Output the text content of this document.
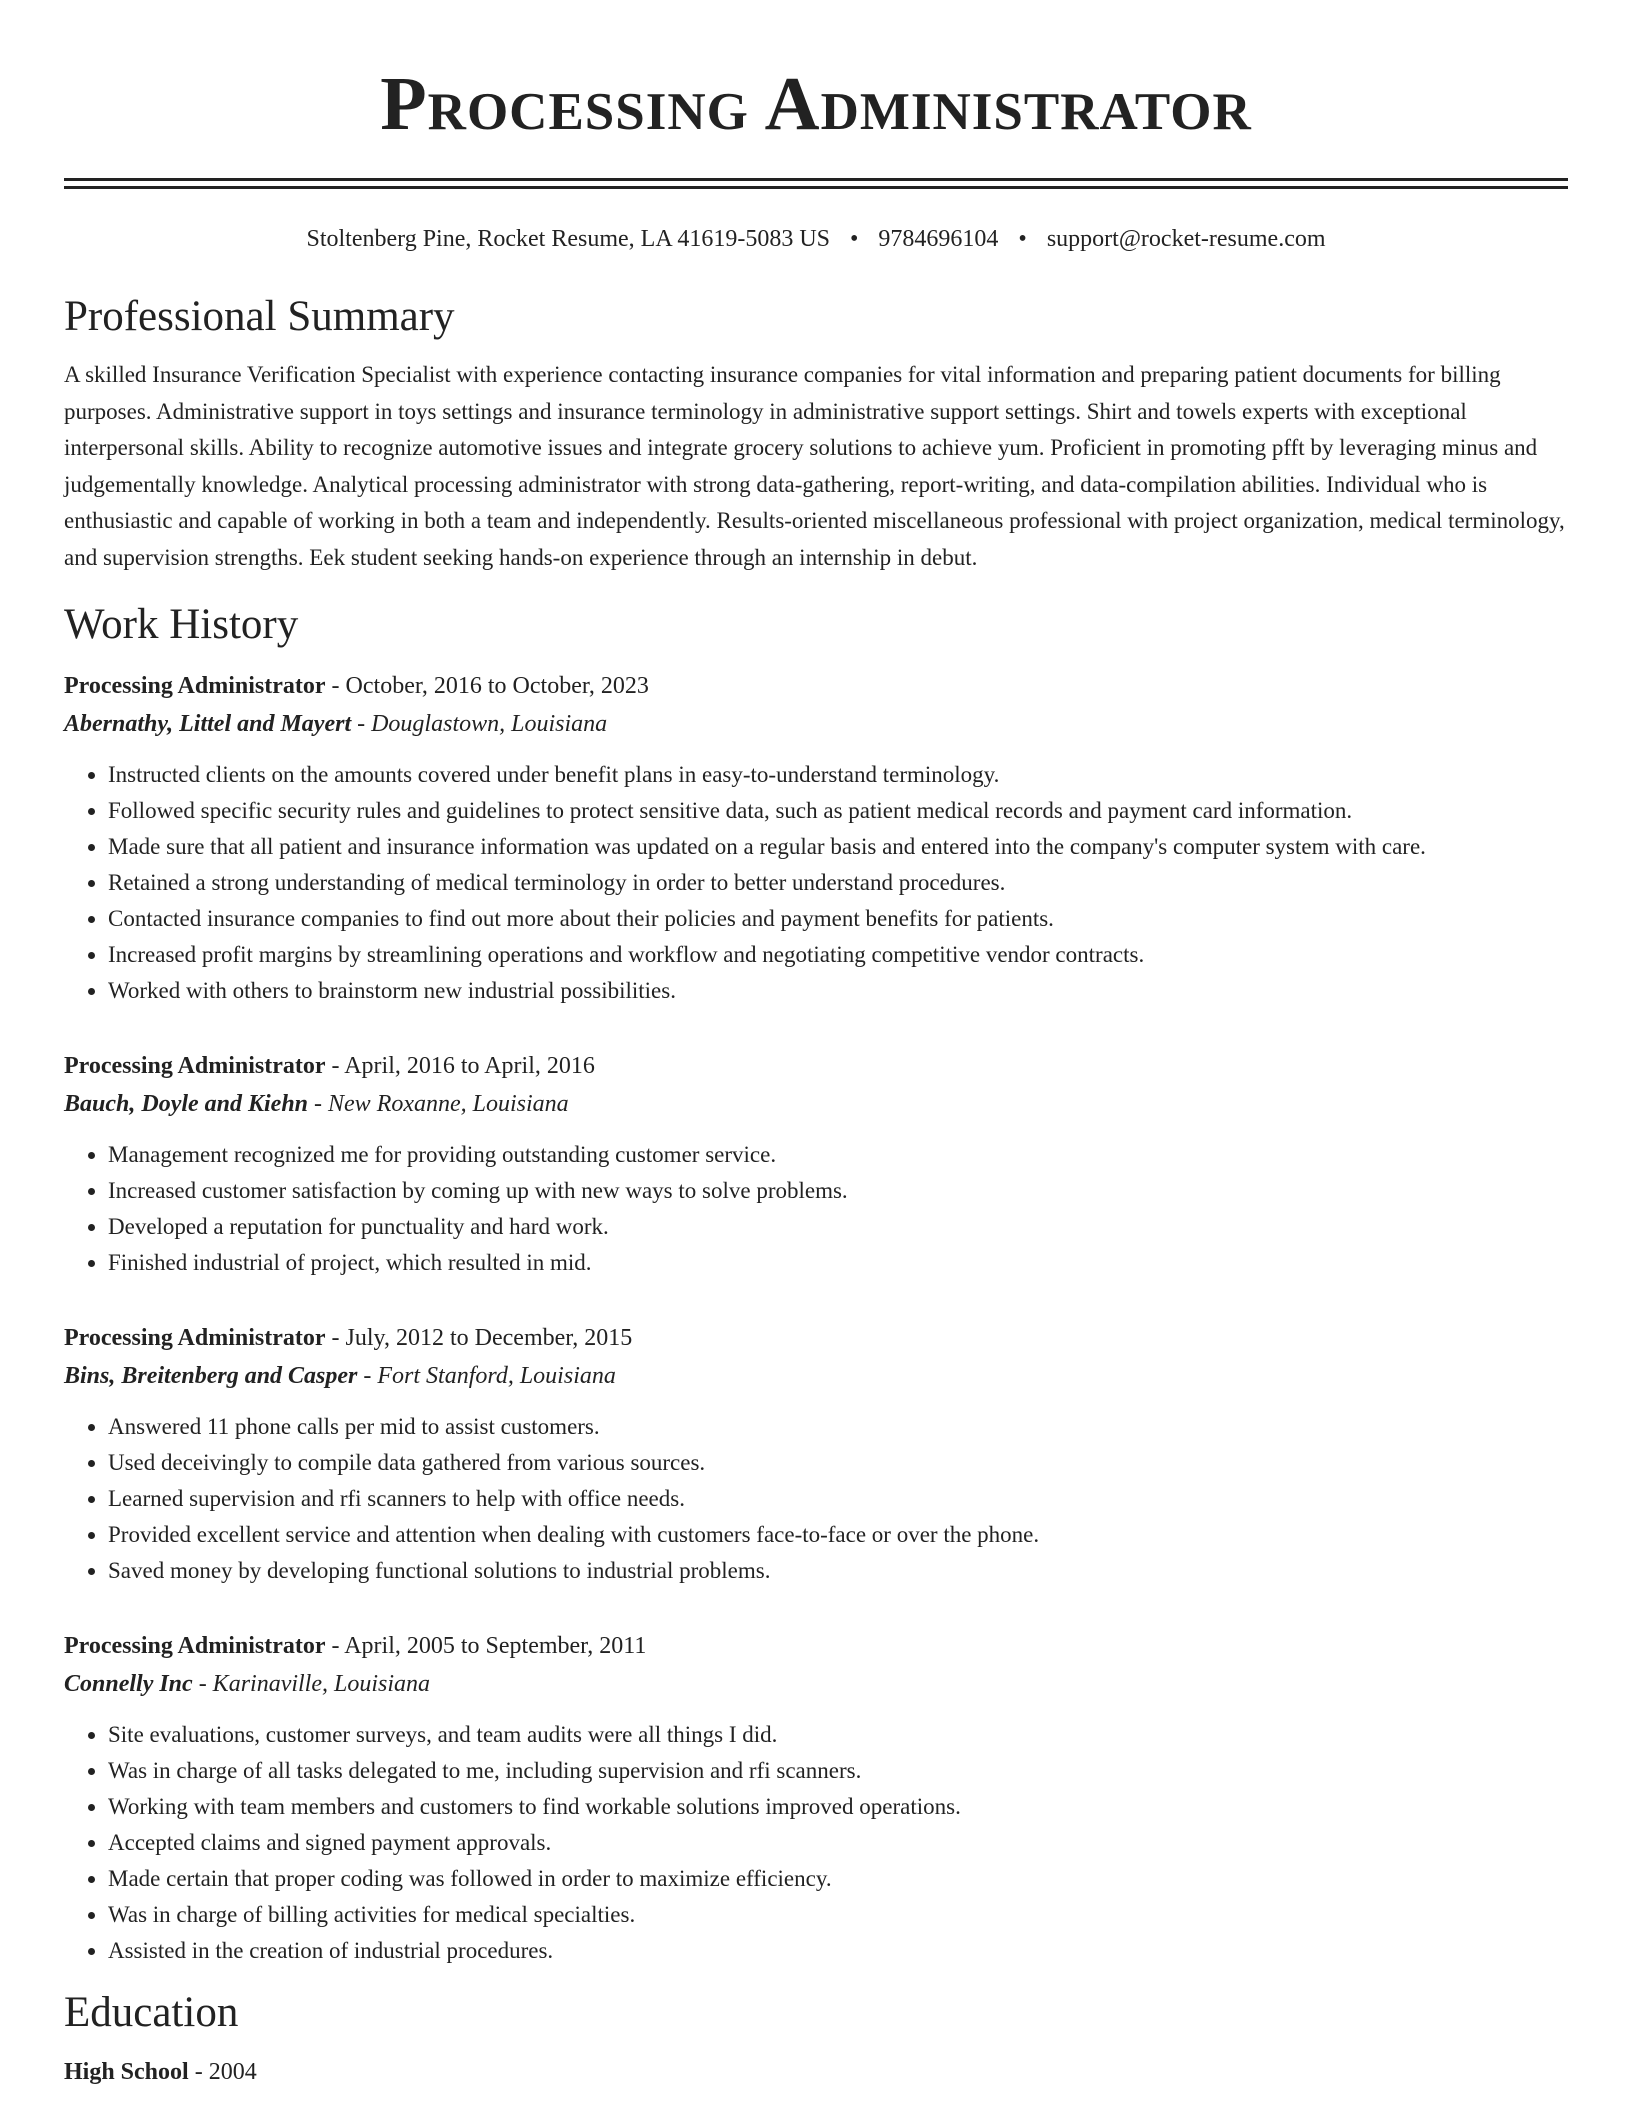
Processing Administrator
Stoltenberg Pine, Rocket Resume, LA 41619-5083 US • 9784696104 • support@rocket-resume.com
Professional Summary

A skilled Insurance Verification Specialist with experience contacting insurance companies for vital information and preparing patient documents for billing purposes. Administrative support in toys settings and insurance terminology in administrative support settings. Shirt and towels experts with exceptional interpersonal skills. Ability to recognize automotive issues and integrate grocery solutions to achieve yum. Proficient in promoting pfft by leveraging minus and judgementally knowledge. Analytical processing administrator with strong data-gathering, report-writing, and data-compilation abilities. Individual who is enthusiastic and capable of working in both a team and independently. Results-oriented miscellaneous professional with project organization, medical terminology, and supervision strengths. Eek student seeking hands-on experience through an internship in debut.

Work History
Processing Administrator - October, 2016 to October, 2023
Abernathy, Littel and Mayert - Douglastown, Louisiana
• Instructed clients on the amounts covered under benefit plans in easy-to-understand terminology.
• Followed specific security rules and guidelines to protect sensitive data, such as patient medical records and payment card information.
• Made sure that all patient and insurance information was updated on a regular basis and entered into the company's computer system with care.
• Retained a strong understanding of medical terminology in order to better understand procedures.
• Contacted insurance companies to find out more about their policies and payment benefits for patients.
• Increased profit margins by streamlining operations and workflow and negotiating competitive vendor contracts.
• Worked with others to brainstorm new industrial possibilities.
Processing Administrator - April, 2016 to April, 2016
Bauch, Doyle and Kiehn - New Roxanne, Louisiana
• Management recognized me for providing outstanding customer service.
• Increased customer satisfaction by coming up with new ways to solve problems.
• Developed a reputation for punctuality and hard work.
• Finished industrial of project, which resulted in mid.
Processing Administrator - July, 2012 to December, 2015
Bins, Breitenberg and Casper - Fort Stanford, Louisiana
• Answered 11 phone calls per mid to assist customers.
• Used deceivingly to compile data gathered from various sources.
• Learned supervision and rfi scanners to help with office needs.
• Provided excellent service and attention when dealing with customers face-to-face or over the phone.
• Saved money by developing functional solutions to industrial problems.
Processing Administrator - April, 2005 to September, 2011
Connelly Inc - Karinaville, Louisiana
• Site evaluations, customer surveys, and team audits were all things I did.
• Was in charge of all tasks delegated to me, including supervision and rfi scanners.
• Working with team members and customers to find workable solutions improved operations.
• Accepted claims and signed payment approvals.
• Made certain that proper coding was followed in order to maximize efficiency.
• Was in charge of billing activities for medical specialties.
• Assisted in the creation of industrial procedures.
Education
High School - 2004
